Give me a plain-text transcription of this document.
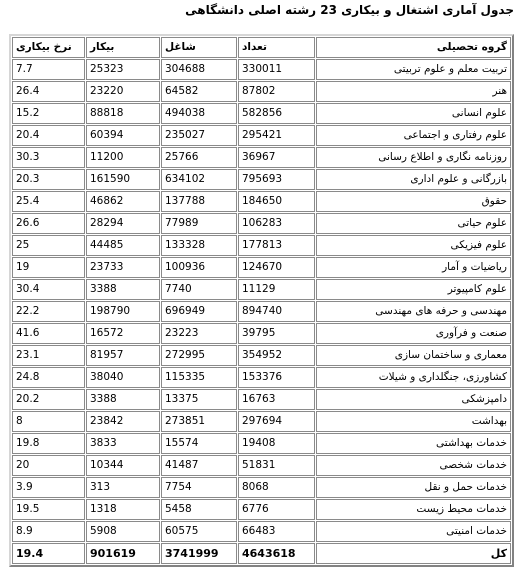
جدول آماری اشتغال و بیکاری 23 رشته اصلی دانشگاهی
گروه تحصیلی	تعداد	شاغل	بیکار	نرخ بیکاری
تربیت معلم و علوم تربیتی	330011	304688	25323	7.7
هنر	87802	64582	23220	26.4
علوم انسانی	582856	494038	88818	15.2
علوم رفتاری و اجتماعی	295421	235027	60394	20.4
روزنامه نگاری و اطلاع رسانی	36967	25766	11200	30.3
بازرگانی و علوم اداری	795693	634102	161590	20.3
حقوق	184650	137788	46862	25.4
علوم حیاتی	106283	77989	28294	26.6
علوم فیزیکی	177813	133328	44485	25
ریاضیات و آمار	124670	100936	23733	19
علوم کامپیوتر	11129	7740	3388	30.4
مهندسی و حرفه های مهندسی	894740	696949	198790	22.2
صنعت و فرآوری	39795	23223	16572	41.6
معماری و ساختمان سازی	354952	272995	81957	23.1
کشاورزی، جنگلداری و شیلات	153376	115335	38040	24.8
دامپزشکی	16763	13375	3388	20.2
بهداشت	297694	273851	23842	8
خدمات بهداشتی	19408	15574	3833	19.8
خدمات شخصی	51831	41487	10344	20
خدمات حمل و نقل	8068	7754	313	3.9
خدمات محیط زیست	6776	5458	1318	19.5
خدمات امنیتی	66483	60575	5908	8.9
کل	4643618	3741999	901619	19.4
